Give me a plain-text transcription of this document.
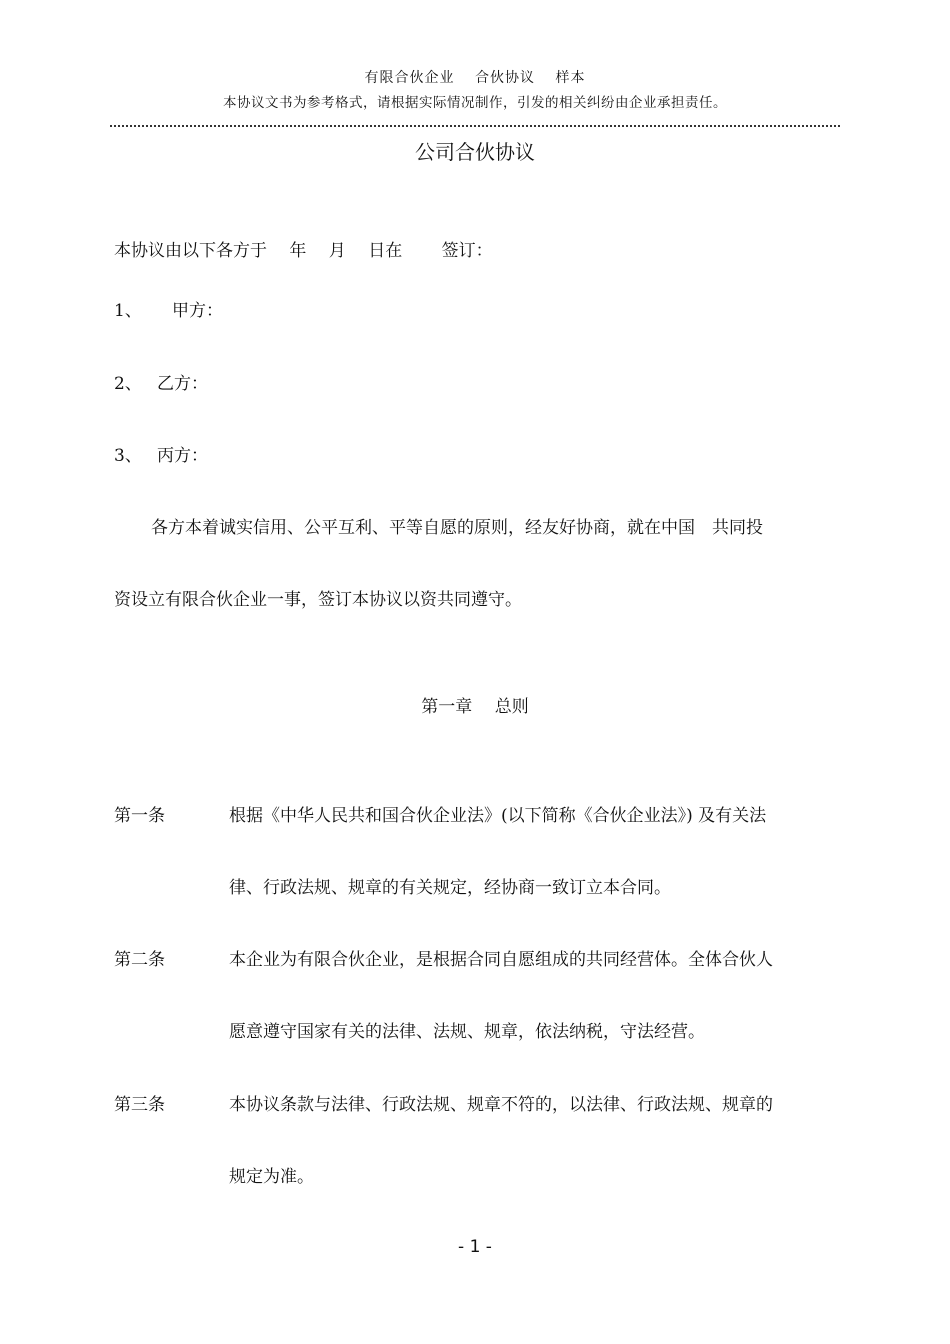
有限合伙企业　 合伙协议　 样本
本协议文书为参考格式，请根据实际情况制作，引发的相关纠纷由企业承担责任。
公司合伙协议
本协议由以下各方于　 年　 月　 日在　 　签订：
1、 甲方：
2、 乙方：
3、 丙方：
各方本着诚实信用、公平互利、平等自愿的原则，经友好协商，就在中国　共同投
资设立有限合伙企业一事，签订本协议以资共同遵守。
第一章　 总则
第一条	根据《中华人民共和国合伙企业法》(以下简称《合伙企业法》) 及有关法
律、行政法规、规章的有关规定，经协商一致订立本合同。
第二条	本企业为有限合伙企业，是根据合同自愿组成的共同经营体。全体合伙人
愿意遵守国家有关的法律、法规、规章，依法纳税，守法经营。
第三条	本协议条款与法律、行政法规、规章不符的，以法律、行政法规、规章的
规定为准。
- 1 -
